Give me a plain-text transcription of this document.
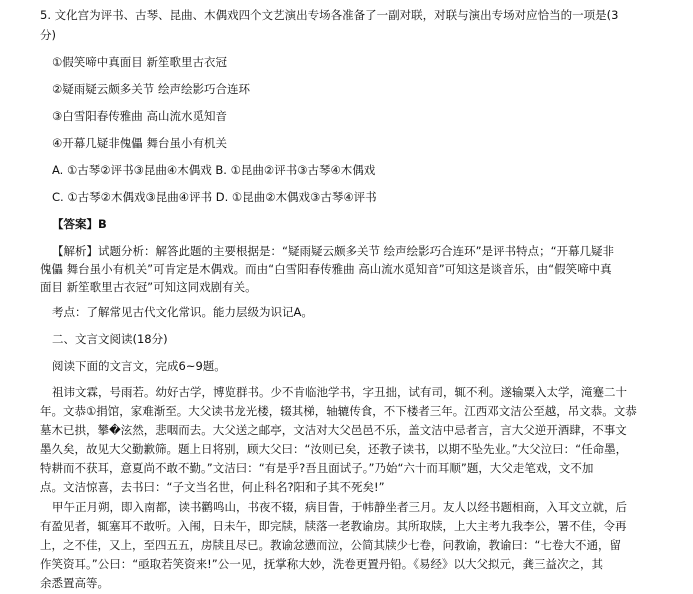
5. 文化宫为评书、古琴、昆曲、木偶戏四个文艺演出专场各准备了一副对联，对联与演出专场对应恰当的一项是(3
分)
①假笑啼中真面目 新笙歌里古衣冠
②疑雨疑云颇多关节 绘声绘影巧合连环
③白雪阳春传雅曲 高山流水觅知音
④开幕几疑非傀儡 舞台虽小有机关
A. ①古琴②评书③昆曲④木偶戏 B. ①昆曲②评书③古琴④木偶戏
C. ①古琴②木偶戏③昆曲④评书 D. ①昆曲②木偶戏③古琴④评书
【答案】B
【解析】试题分析：解答此题的主要根据是：“疑雨疑云颇多关节 绘声绘影巧合连环”是评书特点；“开幕几疑非
傀儡 舞台虽小有机关”可肯定是木偶戏。而由“白雪阳春传雅曲 高山流水觅知音”可知这是谈音乐，由“假笑啼中真
面目 新笙歌里古衣冠”可知这同戏剧有关。
考点：了解常见古代文化常识。能力层级为识记A。
二、文言文阅读(18分)
阅读下面的文言文，完成6~9题。
祖讳文霖，号雨若。幼好古学，博览群书。少不肯临池学书，字丑拙，试有司，辄不利。遂输粟入太学，滝蹇二十
年。文恭①捐馆，家难渐至。大父读书龙光楼，辍其梯，轴辘传食，不下楼者三年。江西邓文洁公至越，吊文恭。文恭
墓木已拱，攀�泫然，悲咽而去。大父送之邮亭，文洁对大父邑邑不乐，盖文洁中忌者言，言大父逆开酒肆，不事文
墨久矣，故见大父勤歉筛。题上日将别，顾大父曰：“汝则已矣，还教子读书，以期不坠先业。”大父泣曰：“任命墨，
特耕而不获耳，意夏尚不敢不勤。”文洁曰：“有是乎?吾且面试子。”乃始“六十而耳顺”题，大父走笔戏，文不加
点。文洁惊喜，去书曰：“子文当名世，何止科名?阳和子其不死矣!”
甲午正月朔，即入南都，读书鹳鸣山，书夜不辍，病目眚，于帏静坐者三月。友人以经书题相商，入耳文立就，后
有盈见者，辄塞耳不敢听。入闱，日未午，即完牍，牍落一老教谕房。其所取牍，上大主考九我李公，署不佳，令再
上，之不佳，又上，至四五五，房牍且尽已。教谕忿懑而泣，公简其牍少七卷，问教谕，教谕曰：“七卷大不通，留
作笑资耳。”公曰：“亟取若笑资来!”公一见，抚掌称大妙，洗卷更置丹铅。《易经》以大父拟元，龚三益次之，其
余悉置高等。
